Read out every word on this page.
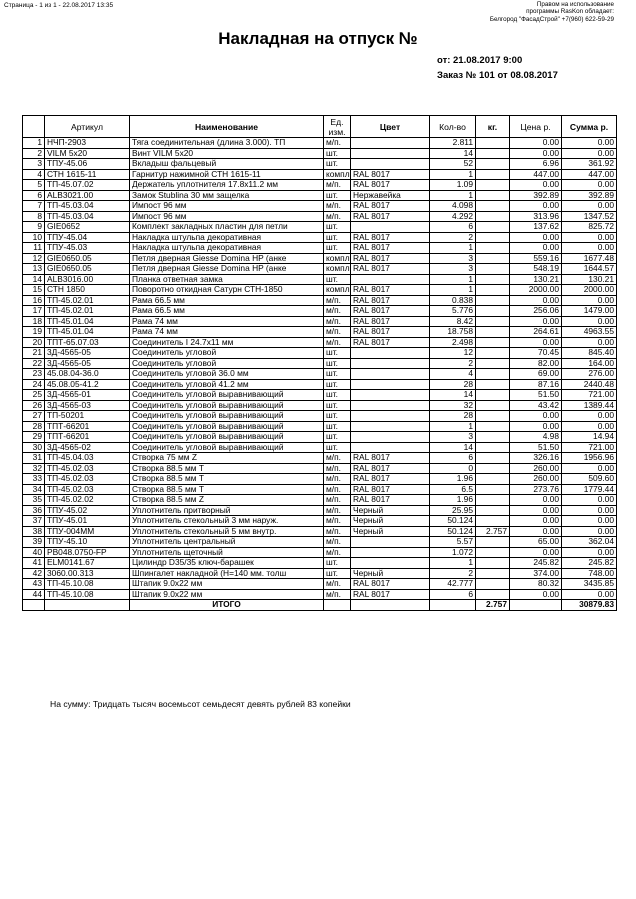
Страница - 1 из 1 - 22.08.2017 13:35	Правом на использование
программы RasKon обладает:
Белгород "ФасадСтрой" +7(960) 622-59-29
Накладная на отпуск №
от: 21.08.2017 9:00
Заказ № 101 от 08.08.2017
	Артикул	Наименование	Ед. изм.	Цвет	Кол-во	кг.	Цена р.	Сумма р.
1	НЧП-2903	Тяга соединительная (длина 3.000). ТП	м/п.		2.811		0.00	0.00
2	VILM 5x20	Винт VILM 5x20	шт.		14		0.00	0.00
3	ТПУ-45.06	Вкладыш фальцевый	шт.		52		6.96	361.92
4	СТН 1615-11	Гарнитур нажимной СТН 1615-11	компл	RAL 8017	1		447.00	447.00
5	ТП-45.07.02	Держатель уплотнителя 17.8x11.2 мм	м/п.	RAL 8017	1.09		0.00	0.00
6	ALB3021.00	Замок Stublina 30 мм защелка	шт.	Нержавейка	1		392.89	392.89
7	ТП-45.03.04	Импост 96 мм	м/п.	RAL 8017	4.098		0.00	0.00
8	ТП-45.03.04	Импост 96 мм	м/п.	RAL 8017	4.292		313.96	1347.52
9	GIE0652	Комплект закладных пластин для петли	шт.		6		137.62	825.72
10	ТПУ-45.04	Накладка штульпа декоративная	шт.	RAL 8017	2		0.00	0.00
11	ТПУ-45.03	Накладка штульпа декоративная	шт.	RAL 8017	1		0.00	0.00
12	GIE0650.05	Петля дверная Giesse Domina HP (анке	компл	RAL 8017	3		559.16	1677.48
13	GIE0650.05	Петля дверная Giesse Domina HP (анке	компл	RAL 8017	3		548.19	1644.57
14	ALB3016.00	Планка ответная замка	шт.		1		130.21	130.21
15	СТН 1850	Поворотно откидная Сатурн СТН-1850	компл	RAL 8017	1		2000.00	2000.00
16	ТП-45.02.01	Рама 66.5 мм	м/п.	RAL 8017	0.838		0.00	0.00
17	ТП-45.02.01	Рама 66.5 мм	м/п.	RAL 8017	5.776		256.06	1479.00
18	ТП-45.01.04	Рама 74 мм	м/п.	RAL 8017	8.42		0.00	0.00
19	ТП-45.01.04	Рама 74 мм	м/п.	RAL 8017	18.758		264.61	4963.55
20	ТПТ-65.07.03	Соединитель I 24.7x11 мм	м/п.	RAL 8017	2.498		0.00	0.00
21	3Д-4565-05	Соединитель угловой	шт.		12		70.45	845.40
22	3Д-4565-05	Соединитель угловой	шт.		2		82.00	164.00
23	45.08.04-36.0	Соединитель угловой 36.0 мм	шт.		4		69.00	276.00
24	45.08.05-41.2	Соединитель угловой 41.2 мм	шт.		28		87.16	2440.48
25	3Д-4565-01	Соединитель угловой выравнивающий	шт.		14		51.50	721.00
26	3Д-4565-03	Соединитель угловой выравнивающий	шт.		32		43.42	1389.44
27	ТП-50201	Соединитель угловой выравнивающий	шт.		28		0.00	0.00
28	ТПТ-66201	Соединитель угловой выравнивающий	шт.		1		0.00	0.00
29	ТПТ-66201	Соединитель угловой выравнивающий	шт.		3		4.98	14.94
30	3Д-4565-02	Соединитель угловой выравнивающий	шт.		14		51.50	721.00
31	ТП-45.04.03	Створка 75 мм Z	м/п.	RAL 8017	6		326.16	1956.96
32	ТП-45.02.03	Створка 88.5 мм Т	м/п.	RAL 8017	0		260.00	0.00
33	ТП-45.02.03	Створка 88.5 мм Т	м/п.	RAL 8017	1.96		260.00	509.60
34	ТП-45.02.03	Створка 88.5 мм Т	м/п.	RAL 8017	6.5		273.76	1779.44
35	ТП-45.02.02	Створка 88.5 мм Z	м/п.	RAL 8017	1.96		0.00	0.00
36	ТПУ-45.02	Уплотнитель притворный	м/п.	Черный	25.95		0.00	0.00
37	ТПУ-45.01	Уплотнитель стекольный 3 мм наруж.	м/п.	Черный	50.124		0.00	0.00
38	ТПУ-004MM	Уплотнитель стекольный 5 мм внутр.	м/п.	Черный	50.124	2.757	0.00	0.00
39	ТПУ-45.10	Уплотнитель центральный	м/п.		5.57		65.00	362.04
40	PB048.0750-FP	Уплотнитель щеточный	м/п.		1.072		0.00	0.00
41	ELM0141.67	Цилиндр D35/35 ключ-барашек	шт.		1		245.82	245.82
42	3060.00.313	Шпингалет накладной (Н=140 мм. толш	шт.	Черный	2		374.00	748.00
43	ТП-45.10.08	Штапик 9.0x22 мм	м/п.	RAL 8017	42.777		80.32	3435.85
44	ТП-45.10.08	Штапик 9.0x22 мм	м/п.	RAL 8017	6		0.00	0.00
		ИТОГО				2.757		30879.83
На сумму: Тридцать тысяч восемьсот семьдесят девять рублей 83 копейки
